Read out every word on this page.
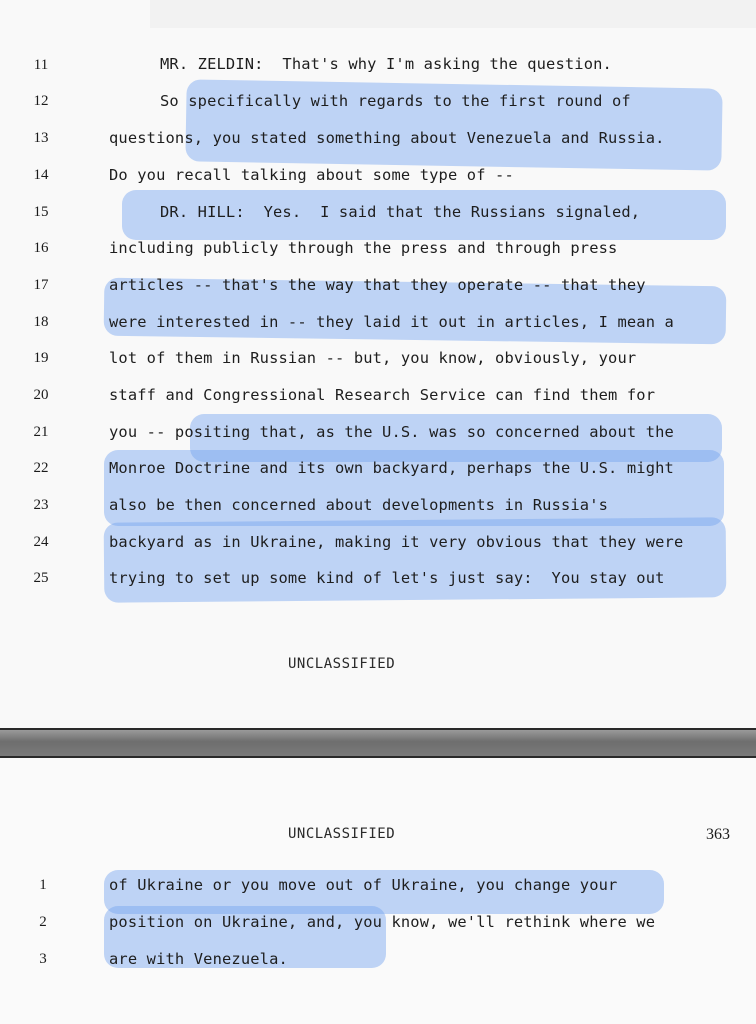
11
12
13
14
15
16
17
18
19
20
21
22
23
24
25
MR. ZELDIN:  That's why I'm asking the question.
So specifically with regards to the first round of
questions, you stated something about Venezuela and Russia.
Do you recall talking about some type of --
DR. HILL:  Yes.  I said that the Russians signaled,
including publicly through the press and through press
articles -- that's the way that they operate -- that they
were interested in -- they laid it out in articles, I mean a
lot of them in Russian -- but, you know, obviously, your
staff and Congressional Research Service can find them for
you -- positing that, as the U.S. was so concerned about the
Monroe Doctrine and its own backyard, perhaps the U.S. might
also be then concerned about developments in Russia's
backyard as in Ukraine, making it very obvious that they were
trying to set up some kind of let's just say:  You stay out
UNCLASSIFIED
UNCLASSIFIED	363
1
2
3
of Ukraine or you move out of Ukraine, you change your
position on Ukraine, and, you know, we'll rethink where we
are with Venezuela.
